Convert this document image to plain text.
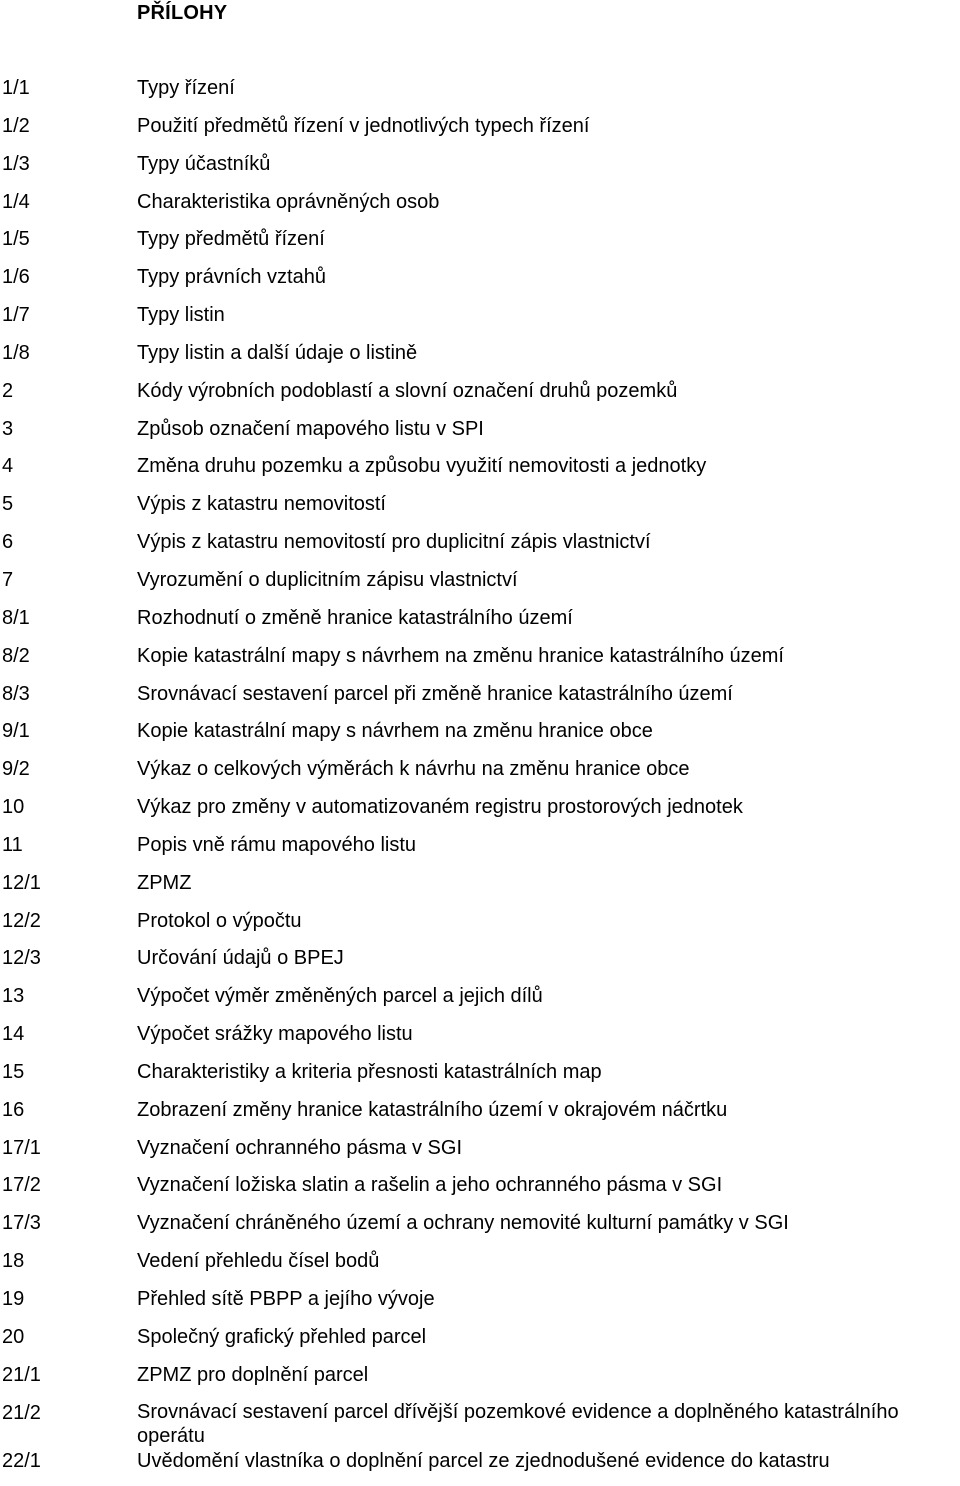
PŘÍLOHY
1/1	Typy řízení
1/2	Použití předmětů řízení v jednotlivých typech řízení
1/3	Typy účastníků
1/4	Charakteristika oprávněných osob
1/5	Typy předmětů řízení
1/6	Typy právních vztahů
1/7	Typy listin
1/8	Typy listin a další údaje o listině
2	Kódy výrobních podoblastí a slovní označení druhů pozemků
3	Způsob označení mapového listu v SPI
4	Změna druhu pozemku a způsobu využití nemovitosti a jednotky
5	Výpis z katastru nemovitostí
6	Výpis z katastru nemovitostí pro duplicitní zápis vlastnictví
7	Vyrozumění o duplicitním zápisu vlastnictví
8/1	Rozhodnutí o změně hranice katastrálního území
8/2	Kopie katastrální mapy s návrhem na změnu hranice katastrálního území
8/3	Srovnávací sestavení parcel při změně hranice katastrálního území
9/1	Kopie katastrální mapy s návrhem na změnu hranice obce
9/2	Výkaz o celkových výměrách k návrhu na změnu hranice obce
10	Výkaz pro změny v automatizovaném registru prostorových jednotek
11	Popis vně rámu mapového listu
12/1	ZPMZ
12/2	Protokol o výpočtu
12/3	Určování údajů o BPEJ
13	Výpočet výměr změněných parcel a jejich dílů
14	Výpočet srážky mapového listu
15	Charakteristiky a kriteria přesnosti katastrálních map
16	Zobrazení změny hranice katastrálního území v okrajovém náčrtku
17/1	Vyznačení ochranného pásma v SGI
17/2	Vyznačení ložiska slatin a rašelin a jeho ochranného pásma v SGI
17/3	Vyznačení chráněného území a ochrany nemovité kulturní památky v SGI
18	Vedení přehledu čísel bodů
19	Přehled sítě PBPP a jejího vývoje
20	Společný grafický přehled parcel
21/1	ZPMZ pro doplnění parcel
21/2	Srovnávací sestavení parcel dřívější pozemkové evidence a doplněného katastrálního operátu
22/1	Uvědomění vlastníka o doplnění parcel ze zjednodušené evidence do katastru
